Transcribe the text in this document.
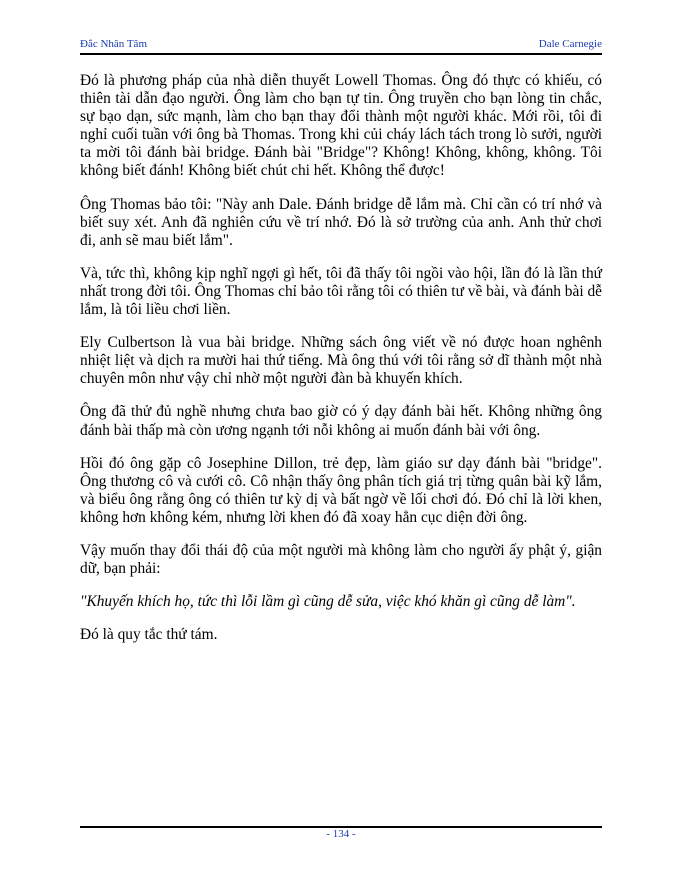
Đắc Nhân Tâm	Dale Carnegie

Đó là phương pháp của nhà diễn thuyết Lowell Thomas. Ông đó thực có khiếu, có thiên tài dẫn đạo người. Ông làm cho bạn tự tin. Ông truyền cho bạn lòng tin chắc, sự bạo dạn, sức mạnh, làm cho bạn thay đổi thành một người khác. Mới rồi, tôi đi nghỉ cuối tuần với ông bà Thomas. Trong khi củi cháy lách tách trong lò sưởi, người ta mời tôi đánh bài bridge. Đánh bài "Bridge"? Không! Không, không, không. Tôi không biết đánh! Không biết chút chi hết. Không thể được!

Ông Thomas bảo tôi: "Này anh Dale. Đánh bridge dễ lắm mà. Chỉ cần có trí nhớ và biết suy xét. Anh đã nghiên cứu về trí nhớ. Đó là sở trường của anh. Anh thử chơi đi, anh sẽ mau biết lắm".

Và, tức thì, không kịp nghĩ ngợi gì hết, tôi đã thấy tôi ngồi vào hội, lần đó là lần thứ nhất trong đời tôi. Ông Thomas chỉ bảo tôi rằng tôi có thiên tư về bài, và đánh bài dễ lắm, là tôi liều chơi liền.

Ely Culbertson là vua bài bridge. Những sách ông viết về nó được hoan nghênh nhiệt liệt và dịch ra mười hai thứ tiếng. Mà ông thú với tôi rằng sở dĩ thành một nhà chuyên môn như vậy chỉ nhờ một người đàn bà khuyến khích.

Ông đã thử đủ nghề nhưng chưa bao giờ có ý dạy đánh bài hết. Không những ông đánh bài thấp mà còn ương ngạnh tới nỗi không ai muốn đánh bài với ông.

Hồi đó ông gặp cô Josephine Dillon, trẻ đẹp, làm giáo sư dạy đánh bài "bridge". Ông thương cô và cưới cô. Cô nhận thấy ông phân tích giá trị từng quân bài kỹ lắm, và biểu ông rằng ông có thiên tư kỳ dị và bất ngờ về lối chơi đó. Đó chỉ là lời khen, không hơn không kém, nhưng lời khen đó đã xoay hẳn cục diện đời ông.

Vậy muốn thay đổi thái độ của một người mà không làm cho người ấy phật ý, giận dữ, bạn phải:

"Khuyến khích họ, tức thì lỗi lầm gì cũng dễ sửa, việc khó khăn gì cũng dễ làm".

Đó là quy tắc thứ tám.

- 134 -
